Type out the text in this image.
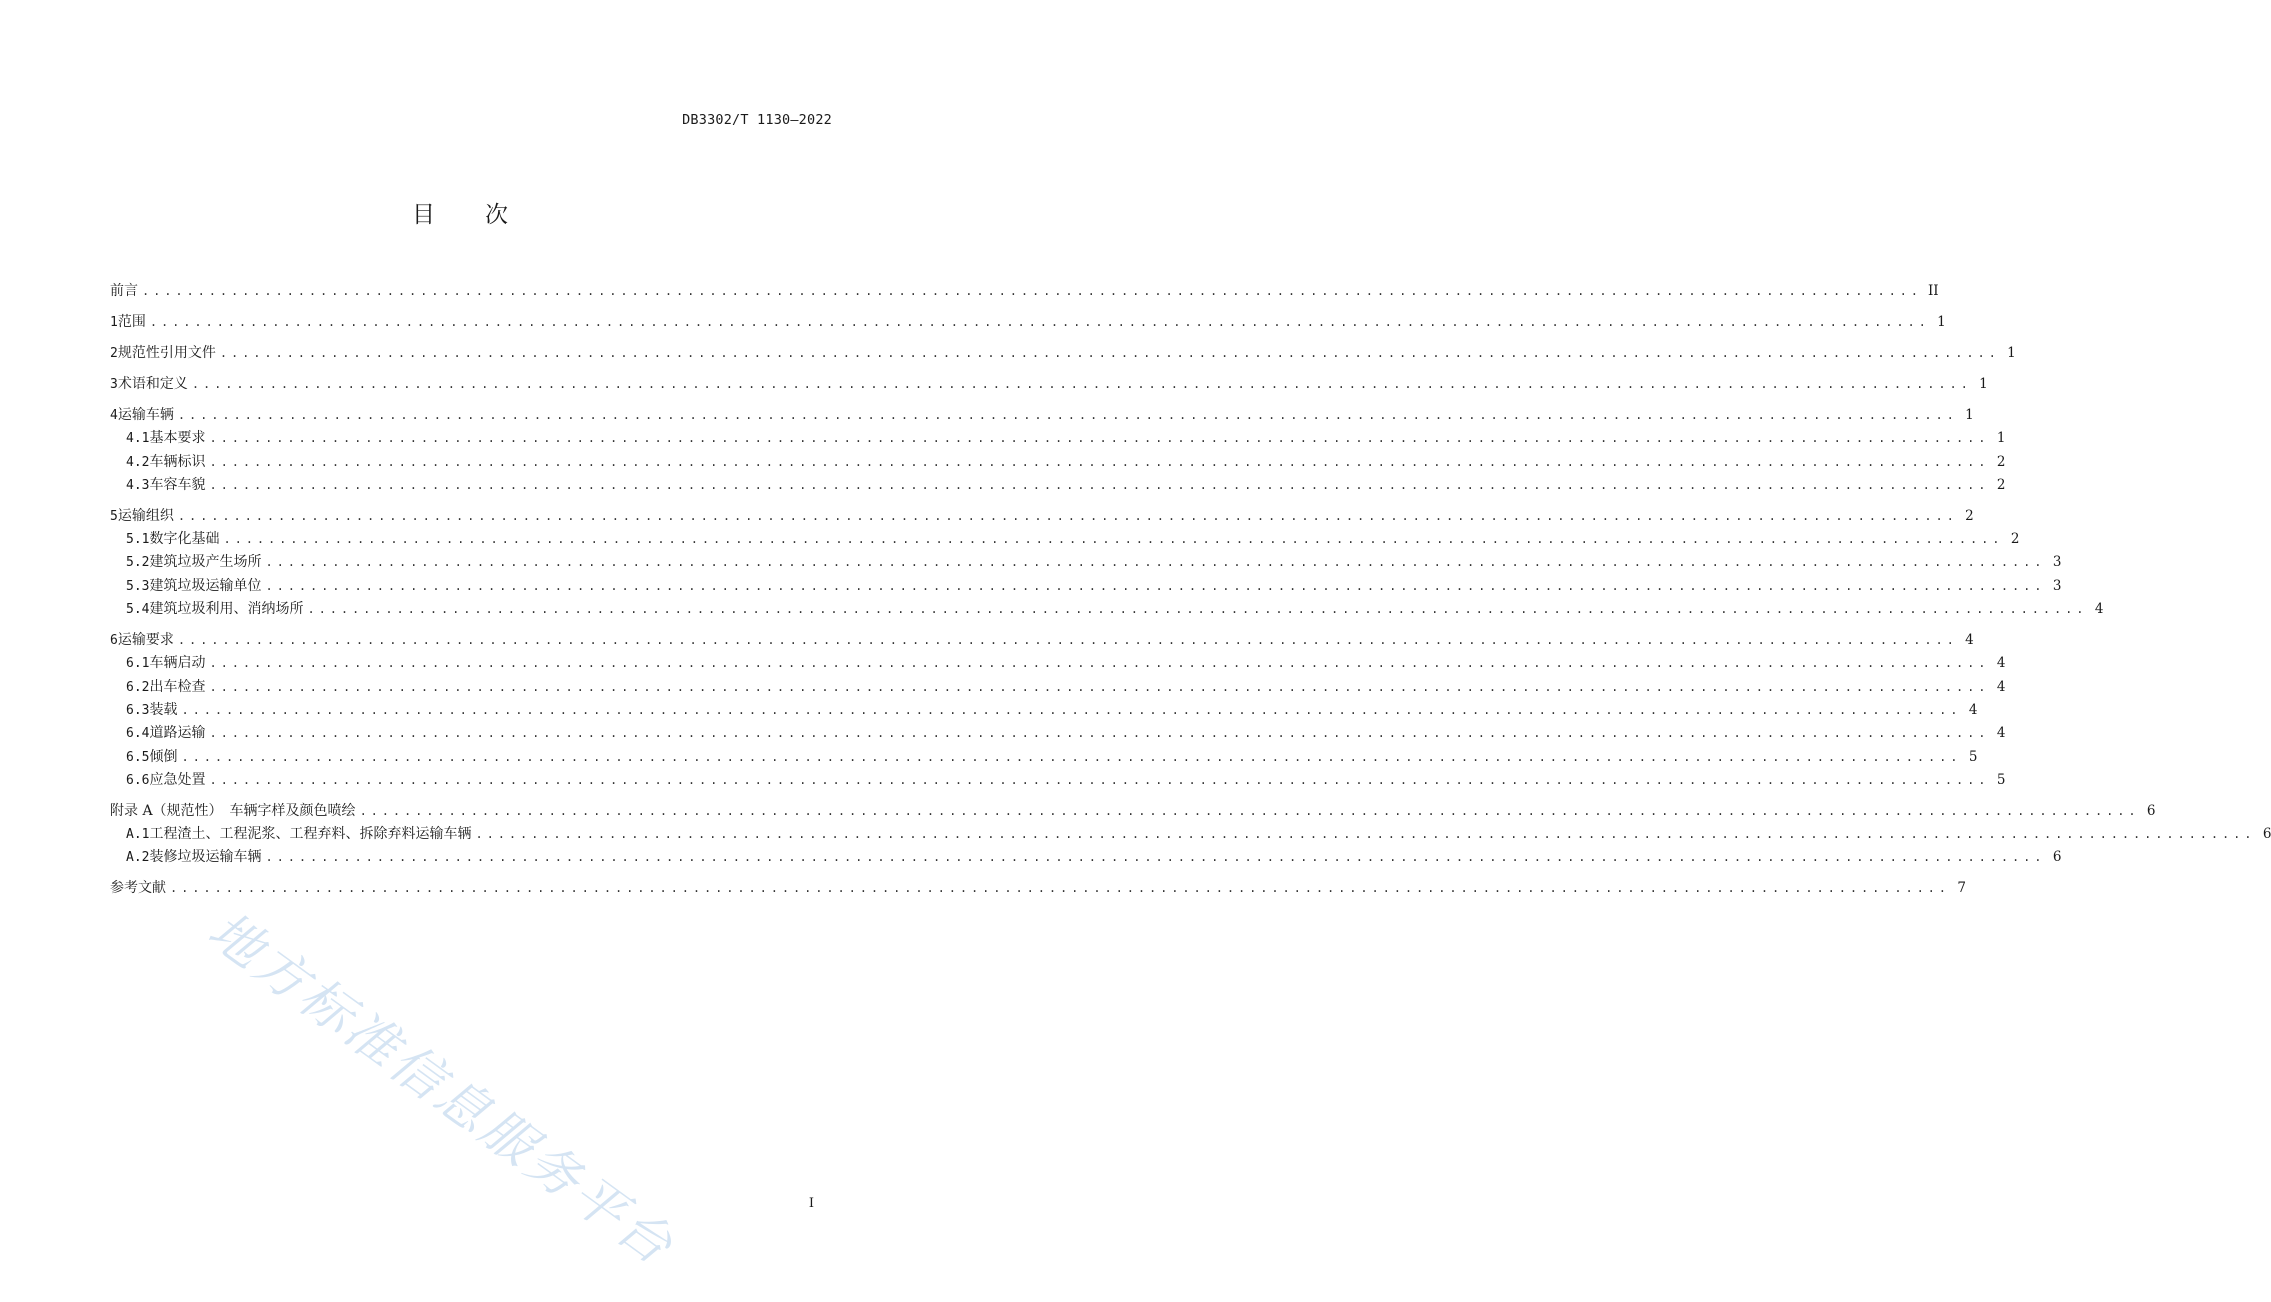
DB3302/T 1130—2022
目 次
前言 ................................................................................................................................................................ II
1 范围 ................................................................................................................................................................ 1
2 规范性引用文件 ................................................................................................................................................................ 1
3 术语和定义 ................................................................................................................................................................ 1
4 运输车辆 ................................................................................................................................................................ 1
4.1 基本要求 ................................................................................................................................................................ 1
4.2 车辆标识 ................................................................................................................................................................ 2
4.3 车容车貌 ................................................................................................................................................................ 2
5 运输组织 ................................................................................................................................................................ 2
5.1 数字化基础 ................................................................................................................................................................ 2
5.2 建筑垃圾产生场所 ................................................................................................................................................................ 3
5.3 建筑垃圾运输单位 ................................................................................................................................................................ 3
5.4 建筑垃圾利用、消纳场所 ................................................................................................................................................................ 4
6 运输要求 ................................................................................................................................................................ 4
6.1 车辆启动 ................................................................................................................................................................ 4
6.2 出车检查 ................................................................................................................................................................ 4
6.3 装载 ................................................................................................................................................................ 4
6.4 道路运输 ................................................................................................................................................................ 4
6.5 倾倒 ................................................................................................................................................................ 5
6.6 应急处置 ................................................................................................................................................................ 5
附录 A（规范性）　车辆字样及颜色喷绘 ................................................................................................................................................................ 6
A.1 工程渣土、工程泥浆、工程弃料、拆除弃料运输车辆 ................................................................................................................................................................ 6
A.2 装修垃圾运输车辆 ................................................................................................................................................................ 6
参考文献 ................................................................................................................................................................ 7
I
地方标准信息服务平台
